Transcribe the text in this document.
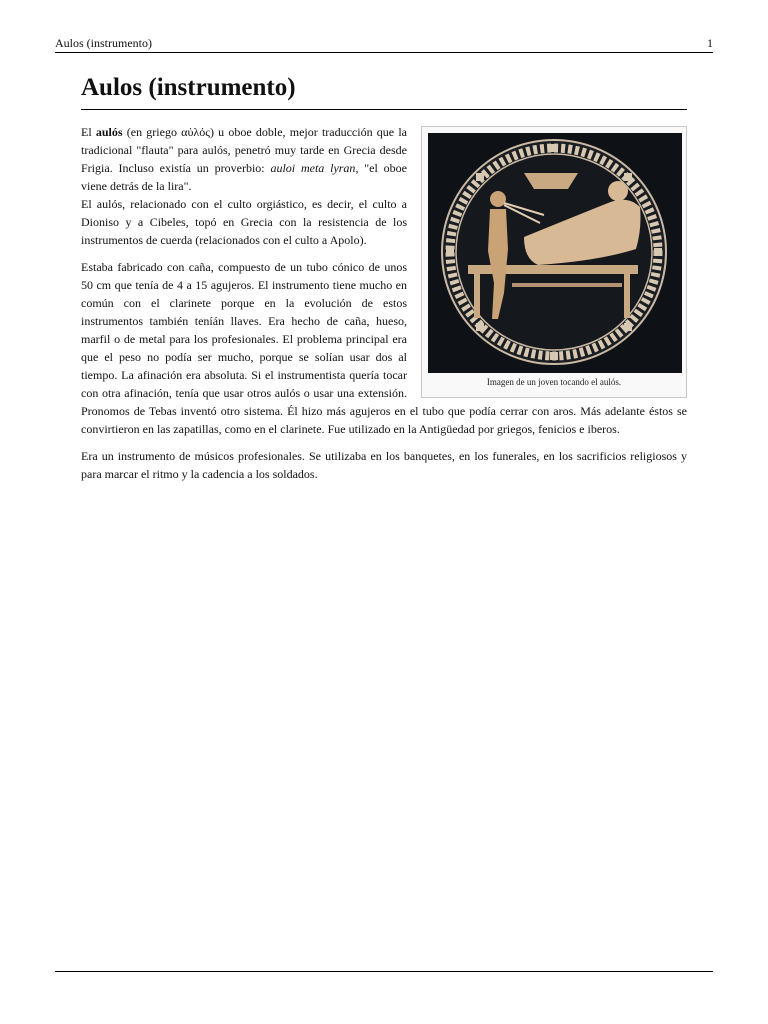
Aulos (instrumento)	1
Aulos (instrumento)
Imagen de un joven tocando el aulós.

El aulós (en griego αὐλός) u oboe doble, mejor traducción que la tradicional "flauta" para aulós, penetró muy tarde en Grecia desde Frigia. Incluso existía un proverbio: auloi meta lyran, "el oboe viene detrás de la lira".

El aulós, relacionado con el culto orgiástico, es decir, el culto a Dioniso y a Cibeles, topó en Grecia con la resistencia de los instrumentos de cuerda (relacionados con el culto a Apolo).

Estaba fabricado con caña, compuesto de un tubo cónico de unos 50 cm que tenía de 4 a 15 agujeros. El instrumento tiene mucho en común con el clarinete porque en la evolución de estos instrumentos también teníán llaves. Era hecho de caña, hueso, marfil o de metal para los profesionales. El problema principal era que el peso no podía ser mucho, porque se solían usar dos al tiempo. La afinación era absoluta. Si el instrumentista quería tocar con otra afinación, tenía que usar otros aulós o usar una extensión. Pronomos de Tebas inventó otro sistema. Él hizo más agujeros en el tubo que podía cerrar con aros. Más adelante éstos se convirtieron en las zapatillas, como en el clarinete. Fue utilizado en la Antigüedad por griegos, fenicios e iberos.

Era un instrumento de músicos profesionales. Se utilizaba en los banquetes, en los funerales, en los sacrificios religiosos y para marcar el ritmo y la cadencia a los soldados.
